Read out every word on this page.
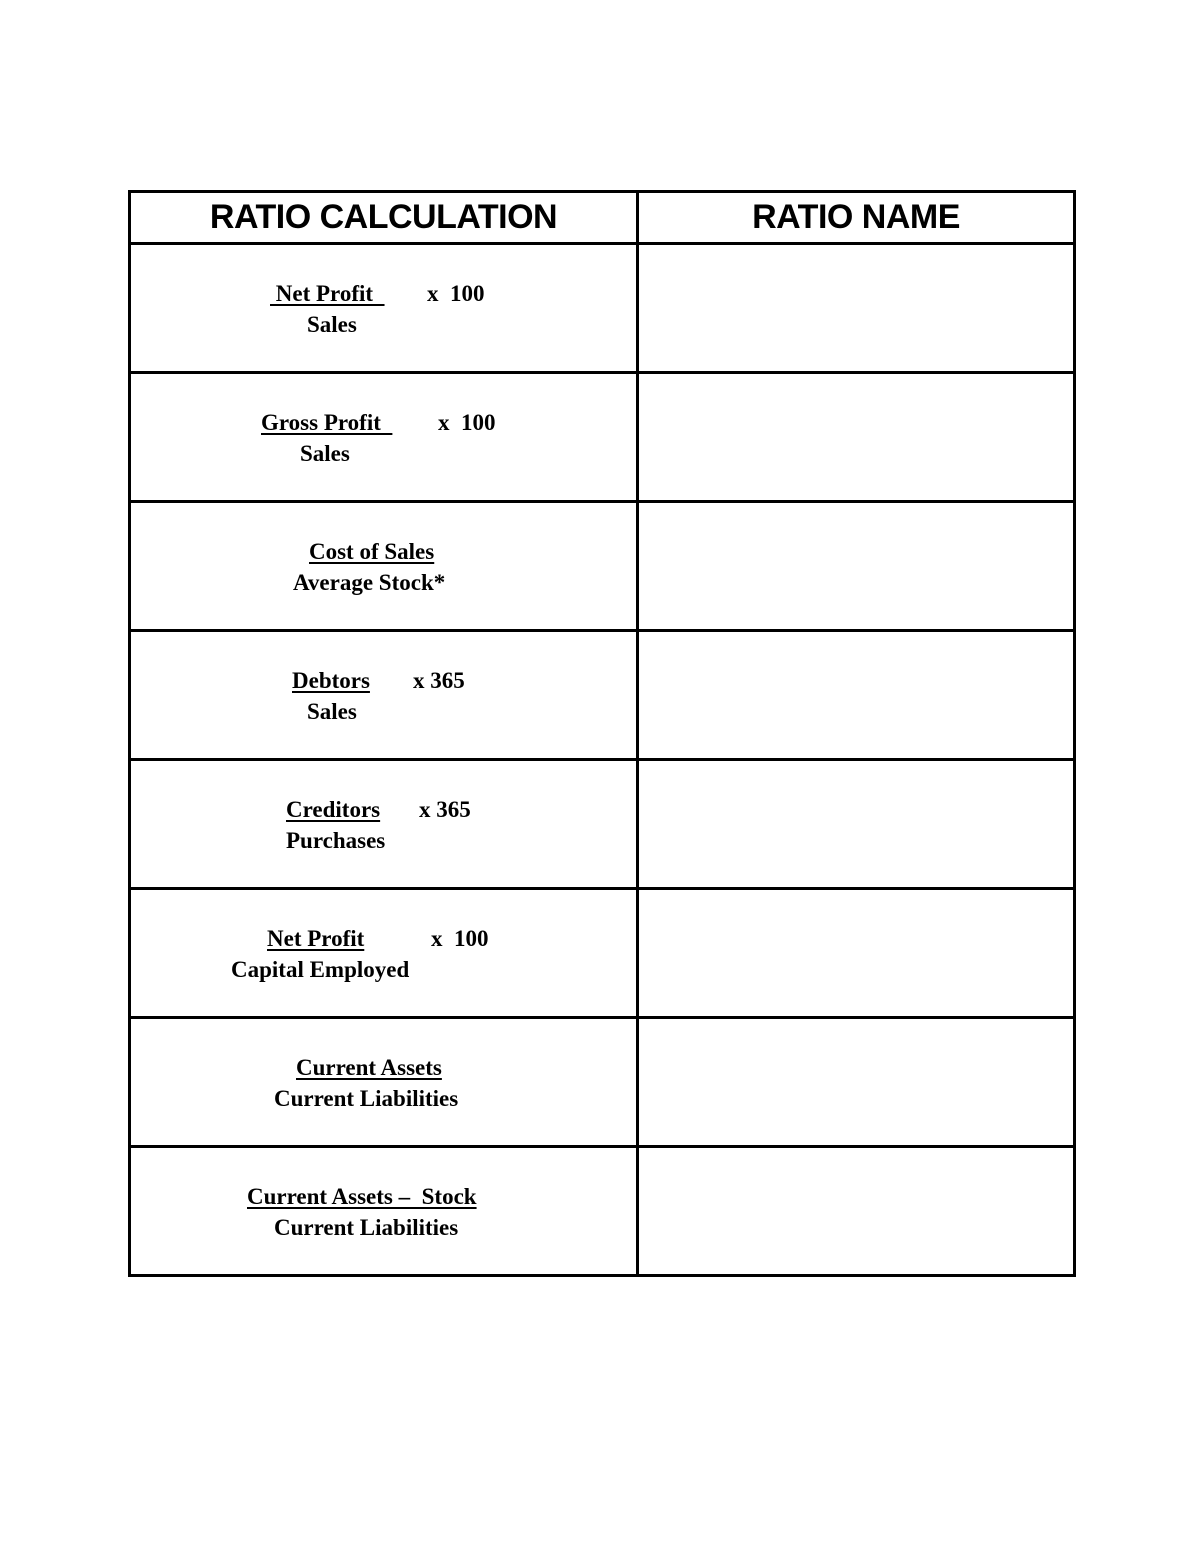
RATIO CALCULATION	RATIO NAME

Net Profit x  100
Sales	

Gross Profit x  100
Sales	

Cost of Sales
Average Stock*	

Debtors x 365
Sales	

Creditors x 365
Purchases	

Net Profit x  100
Capital Employed	

Current Assets
Current Liabilities	

Current Assets –  Stock
Current Liabilities	
